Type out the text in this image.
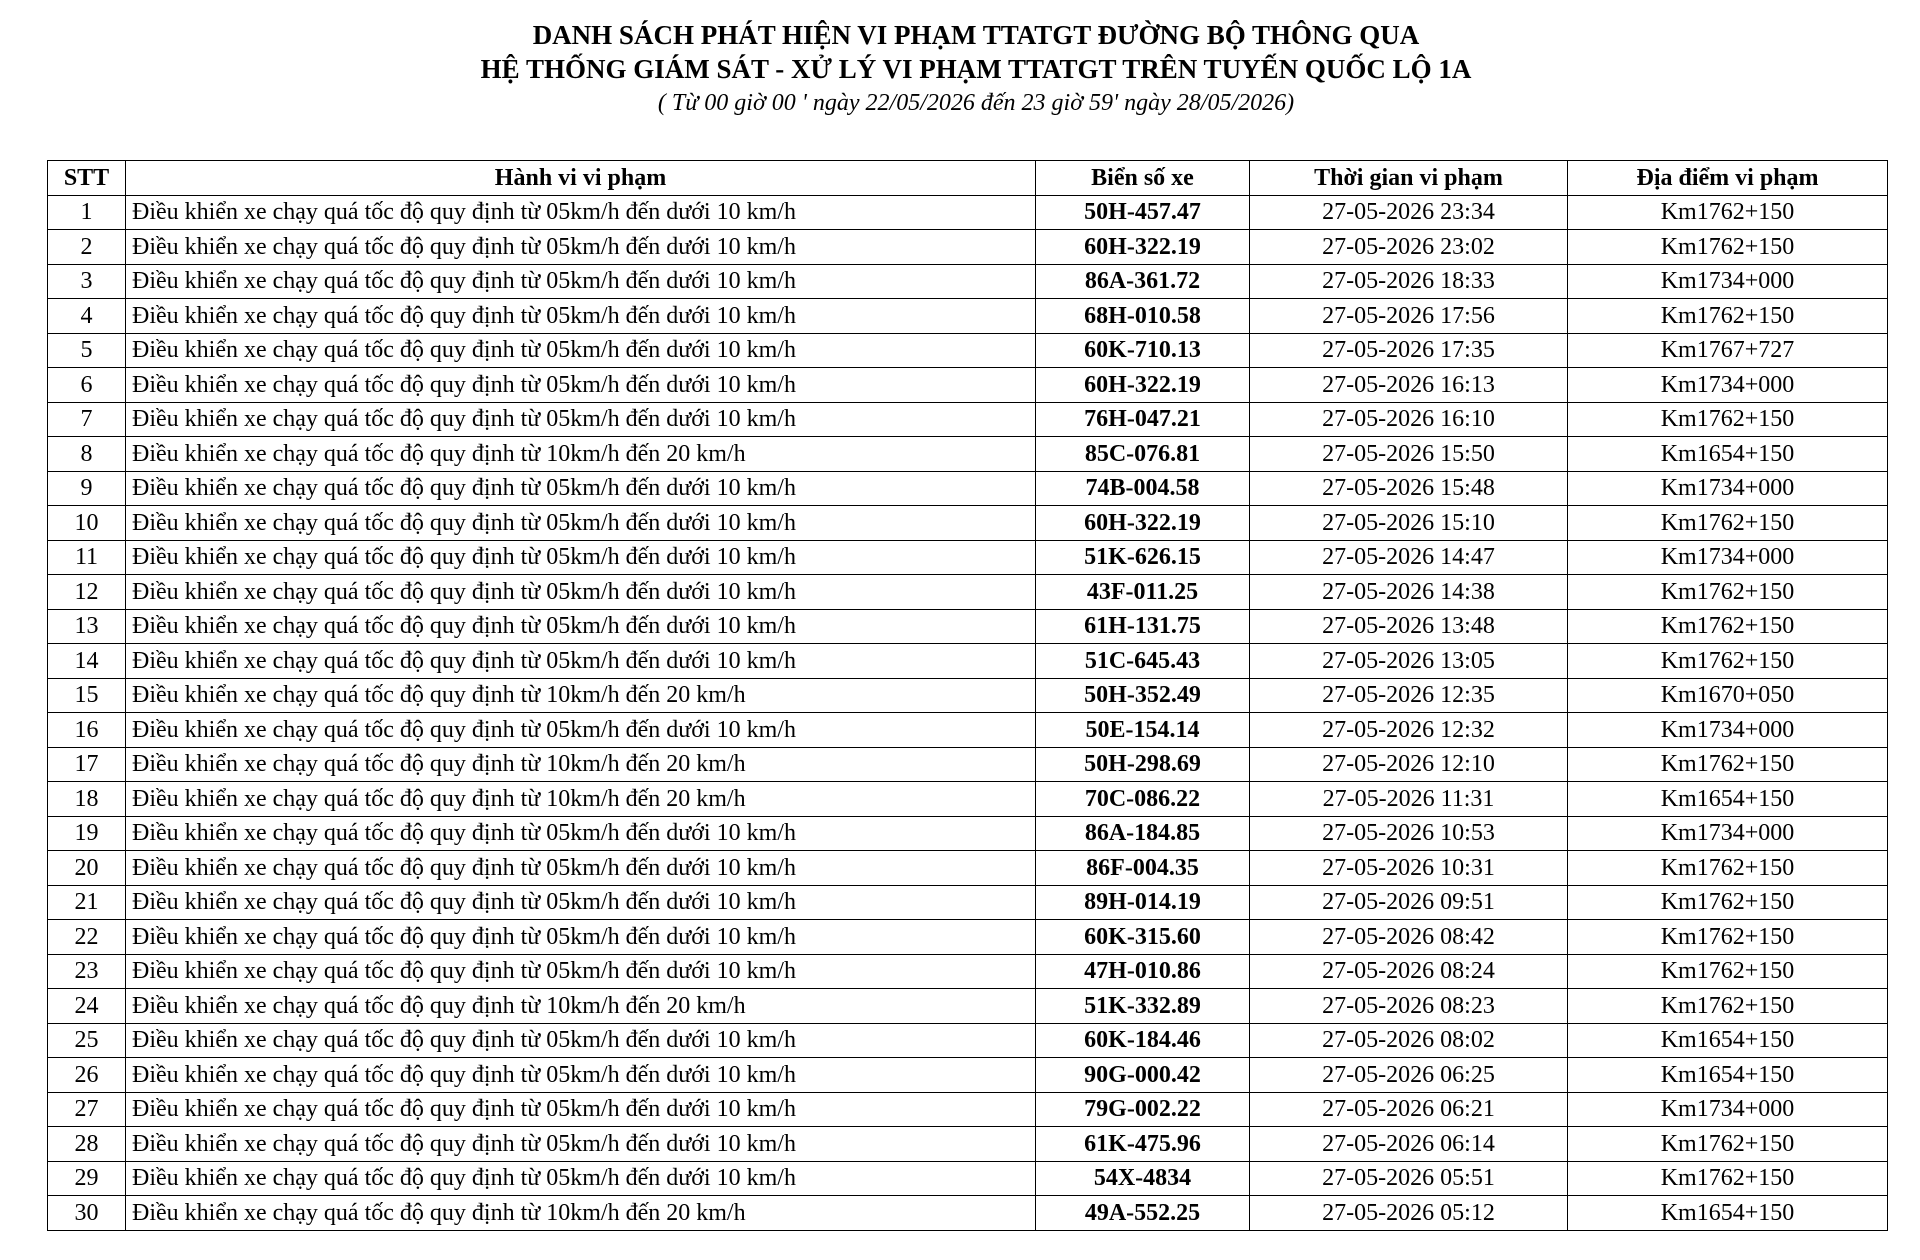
DANH SÁCH PHÁT HIỆN VI PHẠM TTATGT ĐƯỜNG BỘ THÔNG QUA
HỆ THỐNG GIÁM SÁT - XỬ LÝ VI PHẠM TTATGT TRÊN TUYẾN QUỐC LỘ 1A
( Từ 00 giờ 00 ' ngày 22/05/2026 đến 23 giờ 59' ngày 28/05/2026)
STT	Hành vi vi phạm	Biển số xe	Thời gian vi phạm	Địa điểm vi phạm
1	Điều khiển xe chạy quá tốc độ quy định từ 05km/h đến dưới 10 km/h	50H-457.47	27-05-2026 23:34	Km1762+150
2	Điều khiển xe chạy quá tốc độ quy định từ 05km/h đến dưới 10 km/h	60H-322.19	27-05-2026 23:02	Km1762+150
3	Điều khiển xe chạy quá tốc độ quy định từ 05km/h đến dưới 10 km/h	86A-361.72	27-05-2026 18:33	Km1734+000
4	Điều khiển xe chạy quá tốc độ quy định từ 05km/h đến dưới 10 km/h	68H-010.58	27-05-2026 17:56	Km1762+150
5	Điều khiển xe chạy quá tốc độ quy định từ 05km/h đến dưới 10 km/h	60K-710.13	27-05-2026 17:35	Km1767+727
6	Điều khiển xe chạy quá tốc độ quy định từ 05km/h đến dưới 10 km/h	60H-322.19	27-05-2026 16:13	Km1734+000
7	Điều khiển xe chạy quá tốc độ quy định từ 05km/h đến dưới 10 km/h	76H-047.21	27-05-2026 16:10	Km1762+150
8	Điều khiển xe chạy quá tốc độ quy định từ 10km/h đến 20 km/h	85C-076.81	27-05-2026 15:50	Km1654+150
9	Điều khiển xe chạy quá tốc độ quy định từ 05km/h đến dưới 10 km/h	74B-004.58	27-05-2026 15:48	Km1734+000
10	Điều khiển xe chạy quá tốc độ quy định từ 05km/h đến dưới 10 km/h	60H-322.19	27-05-2026 15:10	Km1762+150
11	Điều khiển xe chạy quá tốc độ quy định từ 05km/h đến dưới 10 km/h	51K-626.15	27-05-2026 14:47	Km1734+000
12	Điều khiển xe chạy quá tốc độ quy định từ 05km/h đến dưới 10 km/h	43F-011.25	27-05-2026 14:38	Km1762+150
13	Điều khiển xe chạy quá tốc độ quy định từ 05km/h đến dưới 10 km/h	61H-131.75	27-05-2026 13:48	Km1762+150
14	Điều khiển xe chạy quá tốc độ quy định từ 05km/h đến dưới 10 km/h	51C-645.43	27-05-2026 13:05	Km1762+150
15	Điều khiển xe chạy quá tốc độ quy định từ 10km/h đến 20 km/h	50H-352.49	27-05-2026 12:35	Km1670+050
16	Điều khiển xe chạy quá tốc độ quy định từ 05km/h đến dưới 10 km/h	50E-154.14	27-05-2026 12:32	Km1734+000
17	Điều khiển xe chạy quá tốc độ quy định từ 10km/h đến 20 km/h	50H-298.69	27-05-2026 12:10	Km1762+150
18	Điều khiển xe chạy quá tốc độ quy định từ 10km/h đến 20 km/h	70C-086.22	27-05-2026 11:31	Km1654+150
19	Điều khiển xe chạy quá tốc độ quy định từ 05km/h đến dưới 10 km/h	86A-184.85	27-05-2026 10:53	Km1734+000
20	Điều khiển xe chạy quá tốc độ quy định từ 05km/h đến dưới 10 km/h	86F-004.35	27-05-2026 10:31	Km1762+150
21	Điều khiển xe chạy quá tốc độ quy định từ 05km/h đến dưới 10 km/h	89H-014.19	27-05-2026 09:51	Km1762+150
22	Điều khiển xe chạy quá tốc độ quy định từ 05km/h đến dưới 10 km/h	60K-315.60	27-05-2026 08:42	Km1762+150
23	Điều khiển xe chạy quá tốc độ quy định từ 05km/h đến dưới 10 km/h	47H-010.86	27-05-2026 08:24	Km1762+150
24	Điều khiển xe chạy quá tốc độ quy định từ 10km/h đến 20 km/h	51K-332.89	27-05-2026 08:23	Km1762+150
25	Điều khiển xe chạy quá tốc độ quy định từ 05km/h đến dưới 10 km/h	60K-184.46	27-05-2026 08:02	Km1654+150
26	Điều khiển xe chạy quá tốc độ quy định từ 05km/h đến dưới 10 km/h	90G-000.42	27-05-2026 06:25	Km1654+150
27	Điều khiển xe chạy quá tốc độ quy định từ 05km/h đến dưới 10 km/h	79G-002.22	27-05-2026 06:21	Km1734+000
28	Điều khiển xe chạy quá tốc độ quy định từ 05km/h đến dưới 10 km/h	61K-475.96	27-05-2026 06:14	Km1762+150
29	Điều khiển xe chạy quá tốc độ quy định từ 05km/h đến dưới 10 km/h	54X-4834	27-05-2026 05:51	Km1762+150
30	Điều khiển xe chạy quá tốc độ quy định từ 10km/h đến 20 km/h	49A-552.25	27-05-2026 05:12	Km1654+150
